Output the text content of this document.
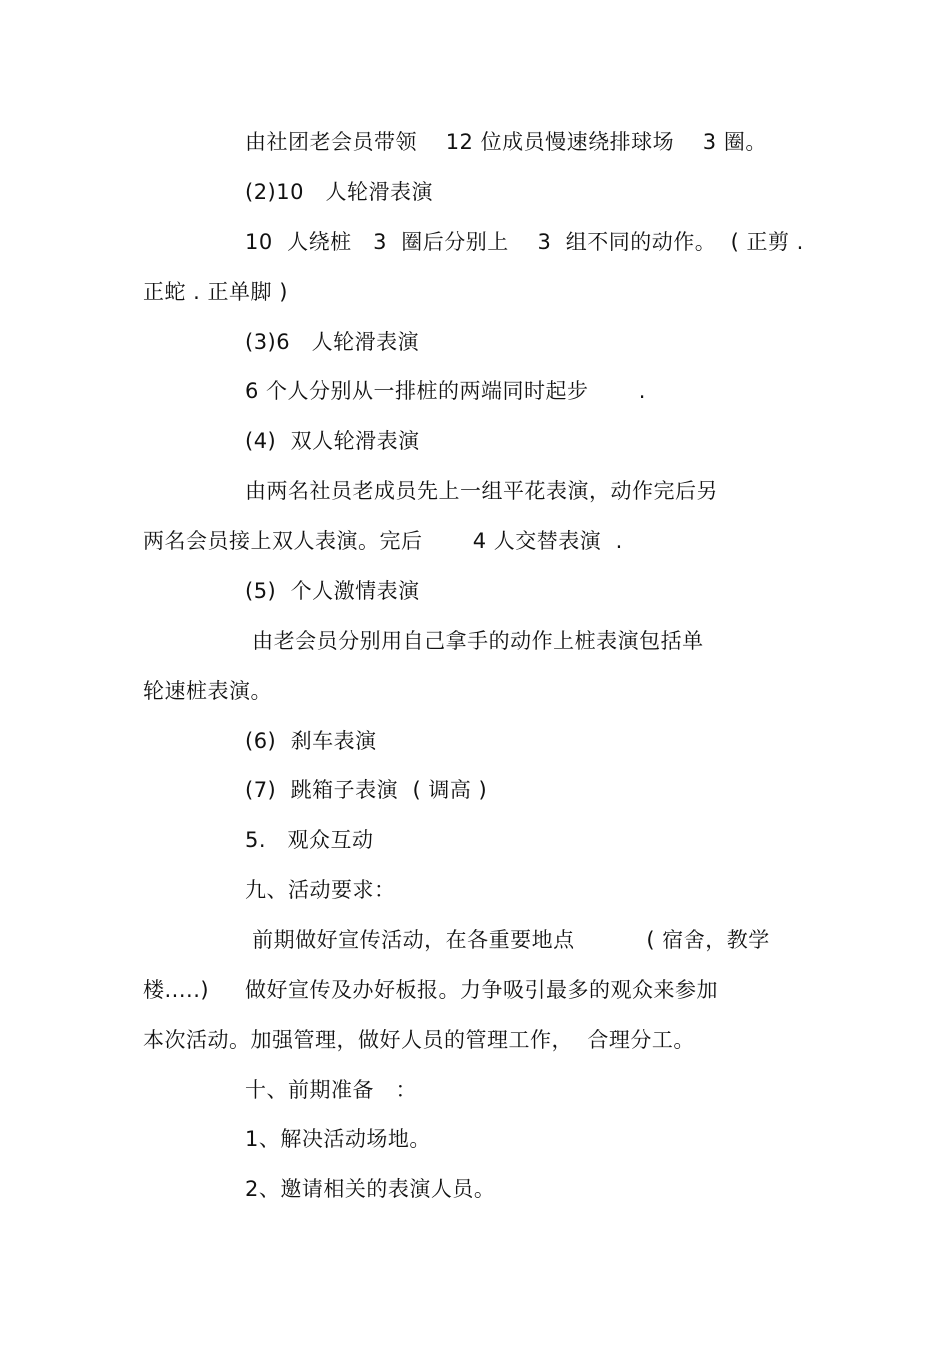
由社团老会员带领    12 位成员慢速绕排球场    3 圈。
(2)10   人轮滑表演
10  人绕桩   3  圈后分别上    3  组不同的动作。  ( 正剪 .
正蛇 . 正单脚 )
(3)6   人轮滑表演
6 个人分别从一排桩的两端同时起步       .
(4)  双人轮滑表演
由两名社员老成员先上一组平花表演，动作完后另
两名会员接上双人表演。完后       4 人交替表演  .
(5)  个人激情表演
由老会员分别用自己拿手的动作上桩表演包括单
轮速桩表演。
(6)  刹车表演
(7)  跳箱子表演  ( 调高 )
5.   观众互动
九、活动要求：
前期做好宣传活动，在各重要地点          ( 宿舍，教学
楼.....)     做好宣传及办好板报。力争吸引最多的观众来参加
本次活动。加强管理，做好人员的管理工作，  合理分工。
十、前期准备   ：
1、解决活动场地。
2、邀请相关的表演人员。
